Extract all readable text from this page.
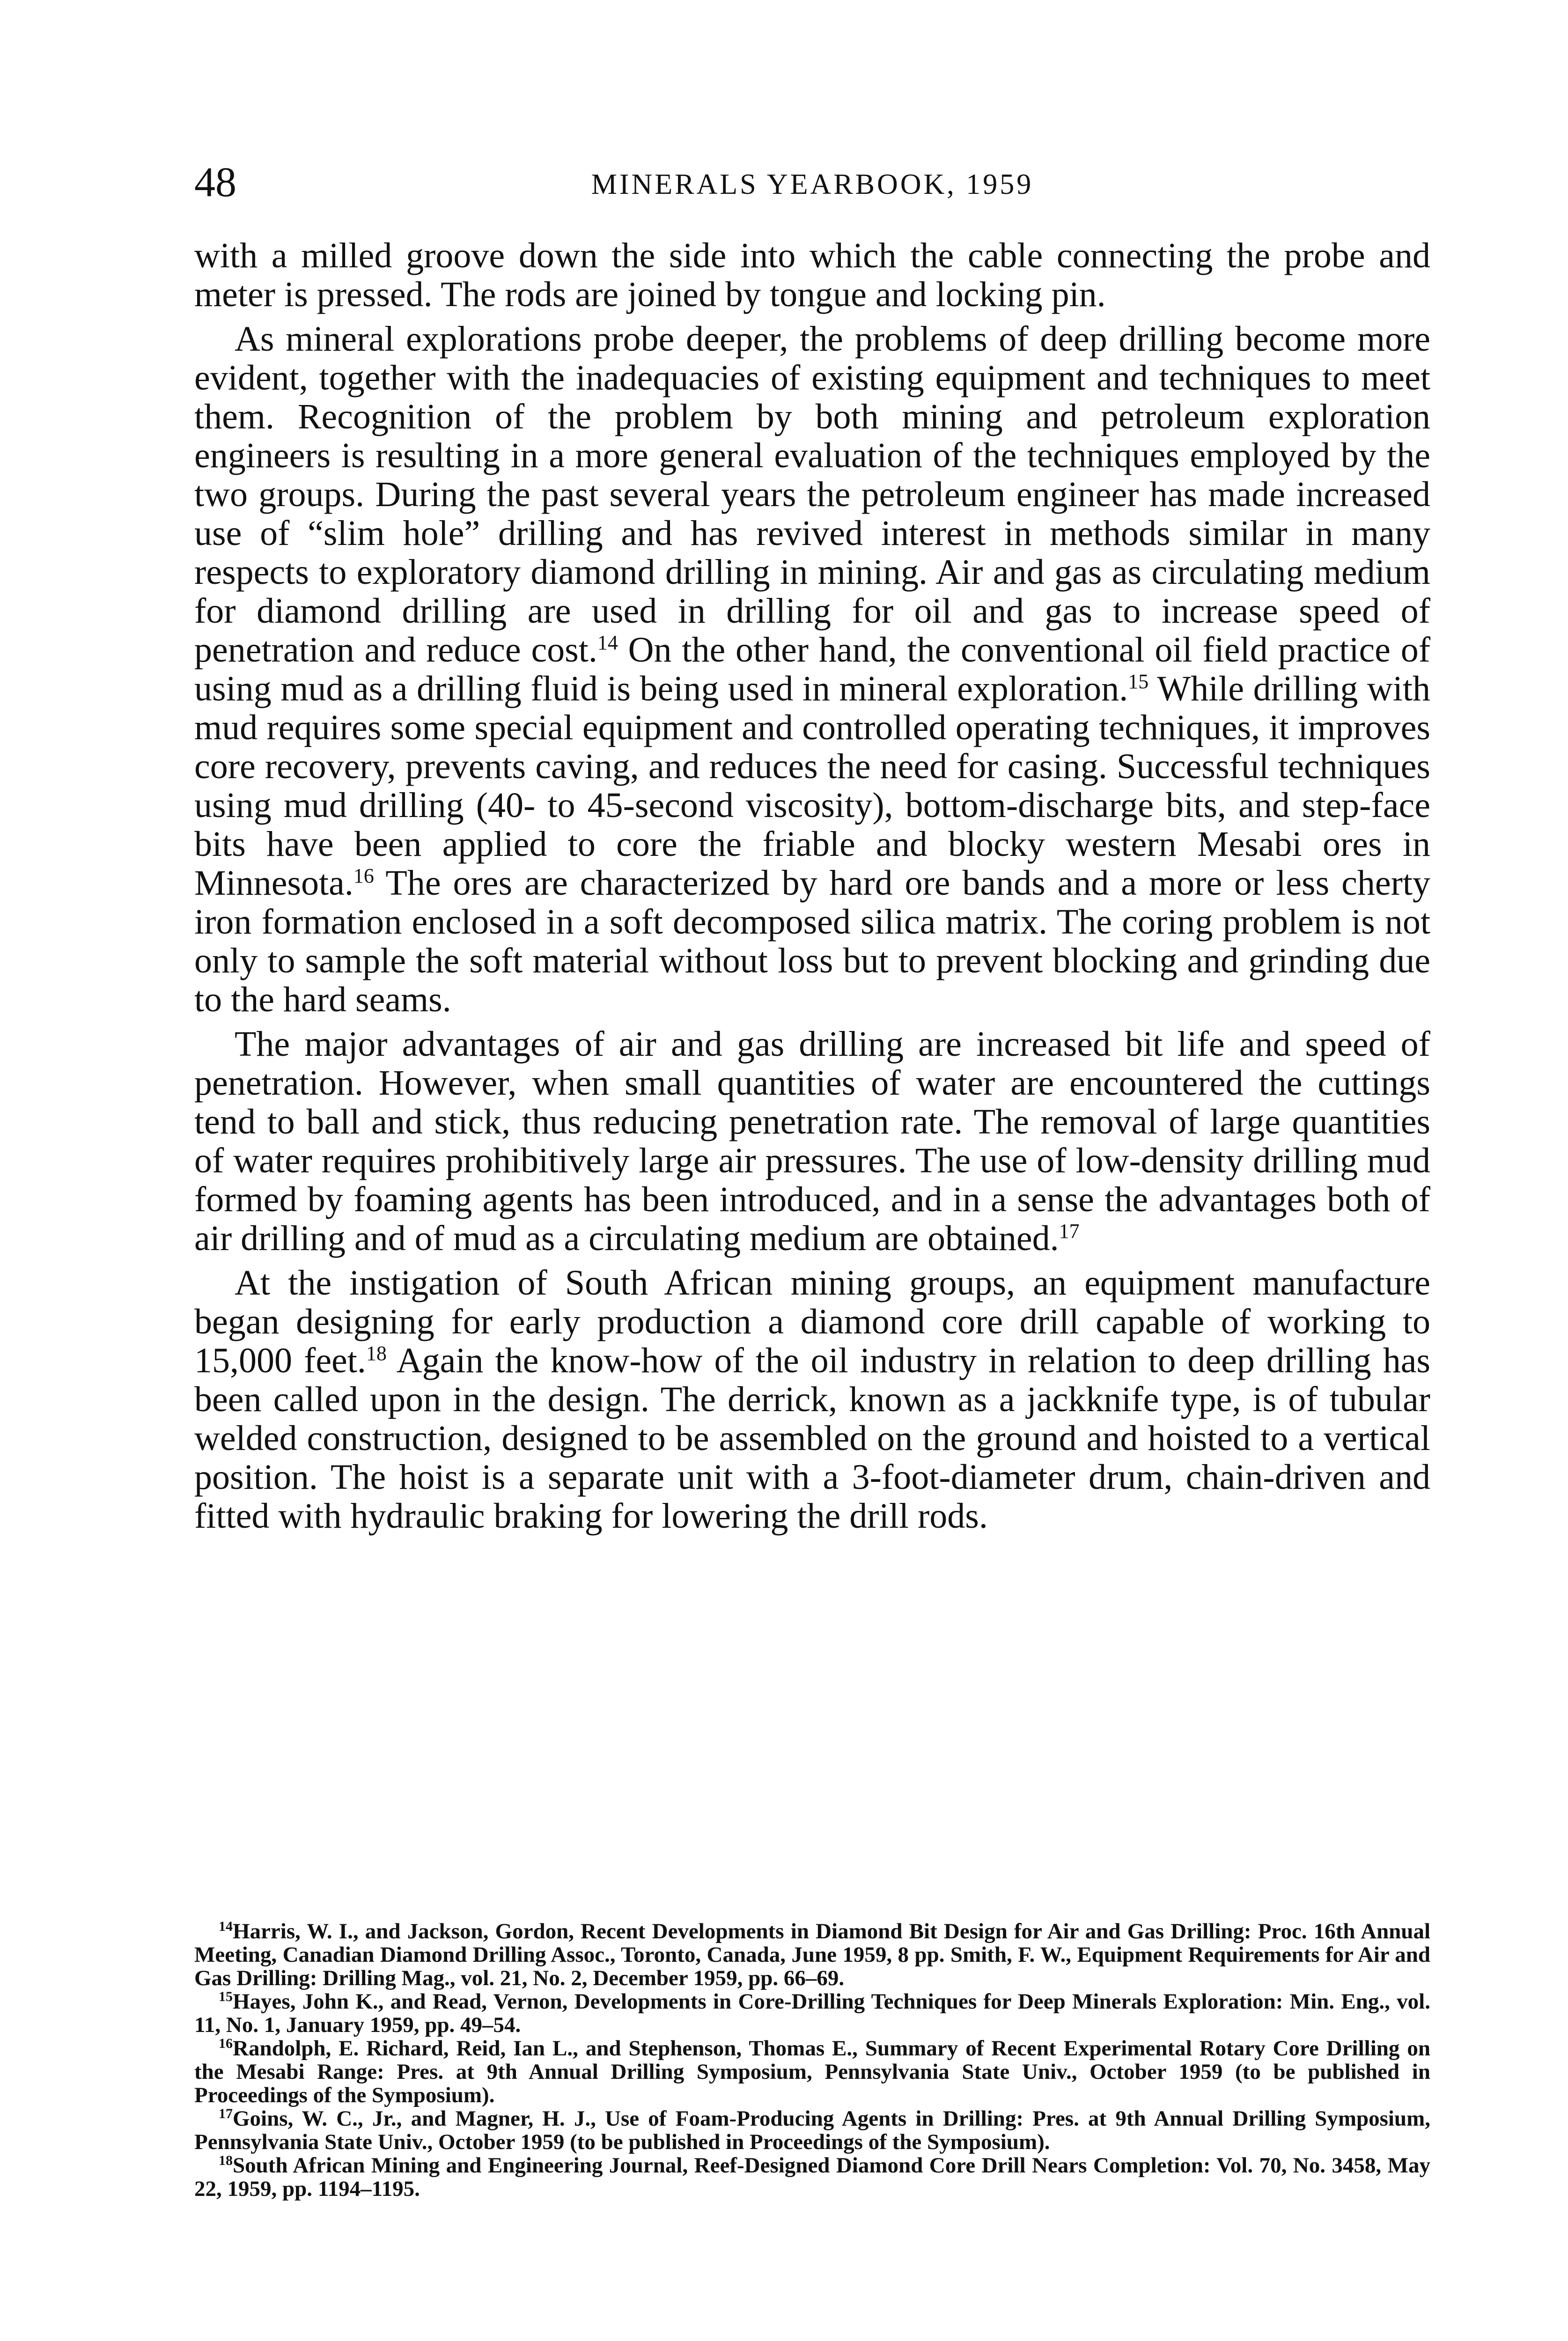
48	MINERALS YEARBOOK, 1959

with a milled groove down the side into which the cable connecting the probe and meter is pressed. The rods are joined by tongue and locking pin.

As mineral explorations probe deeper, the problems of deep drilling become more evident, together with the inadequacies of existing equipment and techniques to meet them. Recognition of the problem by both mining and petroleum exploration engineers is resulting in a more general evaluation of the techniques employed by the two groups. During the past several years the petroleum engineer has made increased use of “slim hole” drilling and has revived interest in methods similar in many respects to exploratory diamond drilling in mining. Air and gas as circulating medium for diamond drilling are used in drilling for oil and gas to increase speed of penetration and reduce cost.$^{14}$ On the other hand, the conventional oil field practice of using mud as a drilling fluid is being used in mineral exploration.$^{15}$ While drilling with mud requires some special equipment and controlled operating techniques, it improves core recovery, prevents caving, and reduces the need for casing. Successful techniques using mud drilling (40- to 45-second viscosity), bottom-discharge bits, and step-face bits have been applied to core the friable and blocky western Mesabi ores in Minnesota.$^{16}$ The ores are characterized by hard ore bands and a more or less cherty iron formation enclosed in a soft decomposed silica matrix. The coring problem is not only to sample the soft material without loss but to prevent blocking and grinding due to the hard seams.

The major advantages of air and gas drilling are increased bit life and speed of penetration. However, when small quantities of water are encountered the cuttings tend to ball and stick, thus reducing penetration rate. The removal of large quantities of water requires prohibitively large air pressures. The use of low-density drilling mud formed by foaming agents has been introduced, and in a sense the advantages both of air drilling and of mud as a circulating medium are obtained.$^{17}$

At the instigation of South African mining groups, an equipment manufacture began designing for early production a diamond core drill capable of working to 15,000 feet.$^{18}$ Again the know-how of the oil industry in relation to deep drilling has been called upon in the design. The derrick, known as a jackknife type, is of tubular welded construction, designed to be assembled on the ground and hoisted to a vertical position. The hoist is a separate unit with a 3-foot-diameter drum, chain-driven and fitted with hydraulic braking for lowering the drill rods.

$^{14}$Harris, W. I., and Jackson, Gordon, Recent Developments in Diamond Bit Design for Air and Gas Drilling: Proc. 16th Annual Meeting, Canadian Diamond Drilling Assoc., Toronto, Canada, June 1959, 8 pp. Smith, F. W., Equipment Requirements for Air and Gas Drilling: Drilling Mag., vol. 21, No. 2, December 1959, pp. 66–69.

$^{15}$Hayes, John K., and Read, Vernon, Developments in Core-Drilling Techniques for Deep Minerals Exploration: Min. Eng., vol. 11, No. 1, January 1959, pp. 49–54.

$^{16}$Randolph, E. Richard, Reid, Ian L., and Stephenson, Thomas E., Summary of Recent Experimental Rotary Core Drilling on the Mesabi Range: Pres. at 9th Annual Drilling Symposium, Pennsylvania State Univ., October 1959 (to be published in Proceedings of the Symposium).

$^{17}$Goins, W. C., Jr., and Magner, H. J., Use of Foam-Producing Agents in Drilling: Pres. at 9th Annual Drilling Symposium, Pennsylvania State Univ., October 1959 (to be published in Proceedings of the Symposium).

$^{18}$South African Mining and Engineering Journal, Reef-Designed Diamond Core Drill Nears Completion: Vol. 70, No. 3458, May 22, 1959, pp. 1194–1195.
